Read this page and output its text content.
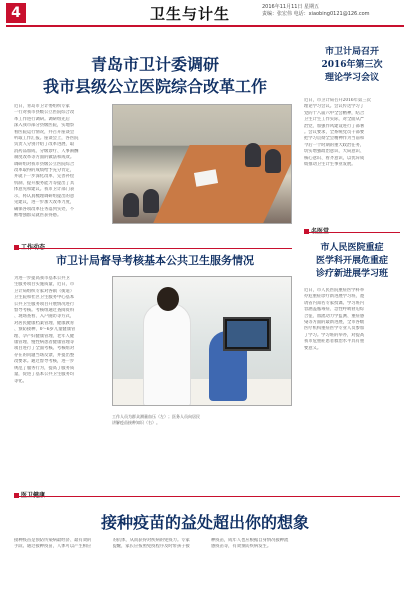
4	卫生与计生	2016年11月11日 星期五
责编：张宏伟 电话：xiaobing0121@126.com
青岛市卫计委调研
我市县级公立医院综合改革工作
近日，青岛市卫计委组织专家
一行对我市县级公立医院综合改
革工作进行调研。调研组先后
深入我市部分县级医院，实地察
看医院运行情况，并召开座谈会
听取工作汇报。座谈会上，各医院
负责人分别介绍了改革进展、取
消药品加成、分级诊疗、人事薪酬
制度改革等方面的做法和成效。
调研组对我市县级公立医院综合
改革取得的成绩给予充分肯定，
并就下一步深化改革、完善补偿
机制、提升服务能力等提出了具
体意见和建议。我市卫计部门表
示，将认真梳理调研组提出的意
见建议，进一步加大改革力度，
确保各项改革任务落到实处，不
断增强群众就医获得感。
市卫计局督导考核基本公共卫生服务情况
为进一步提高我市基本公共卫
生服务项目实施质量，近日，市
卫计局组织专家对各镇（街道）
卫生院和社区卫生服务中心基本
公共卫生服务项目开展情况进行
督导考核。考核组通过查阅资料
、现场查看、入户随访等方式，
对居民健康档案管理、健康教育
、预防接种、0～6岁儿童健康管
理、孕产妇健康管理、老年人健
康管理、慢性病患者健康管理等
项目进行了全面考核。考核组对
存在的问题当场反馈，并提出整
改要求。通过督导考核，进一步
规范了服务行为，提高了服务质
量，促进了基本公共卫生服务均
等化。
工作人员为群众测量血压（左）；医务人员向居民
讲解疫苗接种知识（右）。
市卫计局召开
2016年第三次
理论学习会议
近日，市卫计局召开2016年第三次
理论学习会议。会议传达学习了
党的十八届六中全会精神，结合
卫生计生工作实际，对全面从严
治党、加强作风建设进行了部署
。会议要求，全系统党员干部要
把学习贯彻全会精神作为当前和
今后一个时期的重大政治任务，
切实增强政治意识、大局意识、
核心意识、看齐意识，以优异成
绩推动卫生计生事业发展。
市人民医院重症
医学科开展危重症
诊疗新进展学习班
近日，市人民医院重症医学科举
办危重症诊疗新进展学习班，邀
请省内知名专家授课。学习班内
容涵盖脓毒症、急性呼吸窘迫综
合征、血流动力学监测、重症感
染等方面的最新进展，全市各级
医疗机构重症医学专业人员参加
了学习。学习班的举办，对提高
我市危重症患者救治水平具有重
要意义。
接种疫苗的益处超出你的想象
接种疫苗是预防传染病最经济、最有效的
手段。通过接种疫苗，人体可以产生相应
的抗体，从而获得对疾病的免疫力。专家
提醒，家长应按照免疫程序及时带孩子接
种疫苗，成年人也应根据自身情况接种流
感疫苗等，有效预防疾病发生。
